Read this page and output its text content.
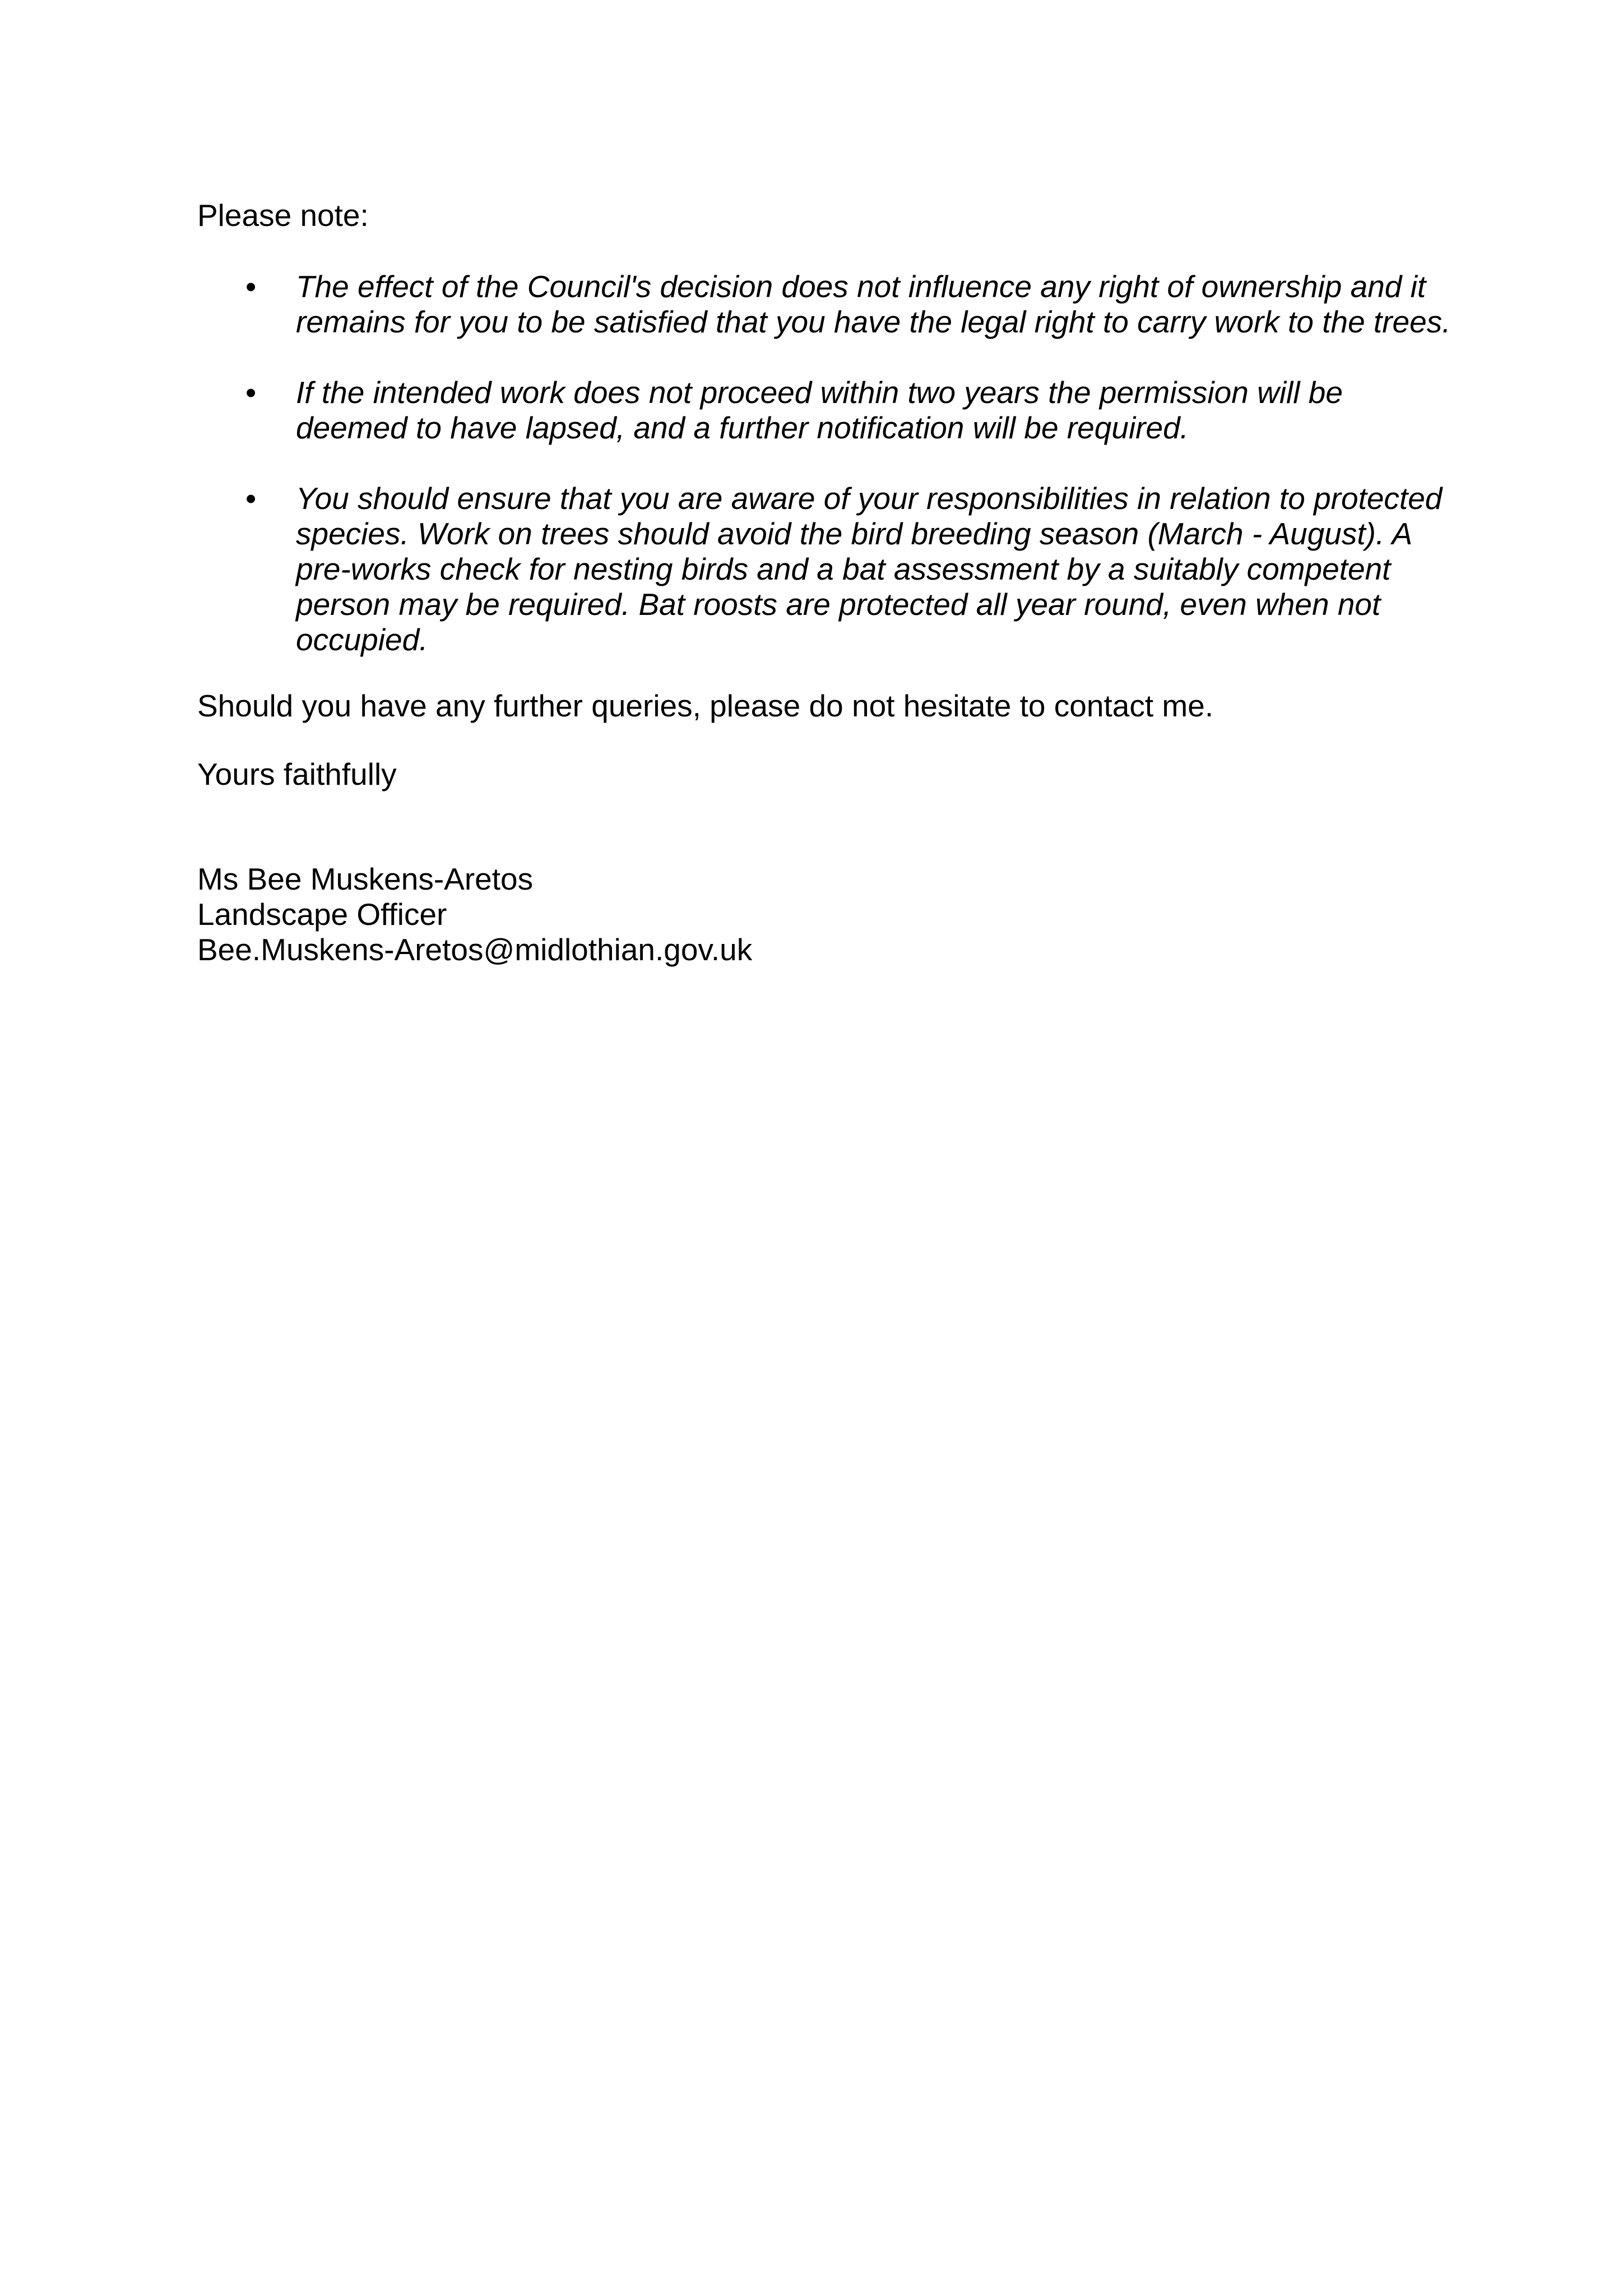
Please note:

• The effect of the Council's decision does not influence any right of ownership and it
remains for you to be satisfied that you have the legal right to carry work to the trees.

• If the intended work does not proceed within two years the permission will be
deemed to have lapsed, and a further notification will be required.

• You should ensure that you are aware of your responsibilities in relation to protected
species. Work on trees should avoid the bird breeding season (March - August). A
pre-works check for nesting birds and a bat assessment by a suitably competent
person may be required. Bat roosts are protected all year round, even when not
occupied.

Should you have any further queries, please do not hesitate to contact me.

Yours faithfully

Ms Bee Muskens-Aretos
Landscape Officer
Bee.Muskens-Aretos@midlothian.gov.uk
